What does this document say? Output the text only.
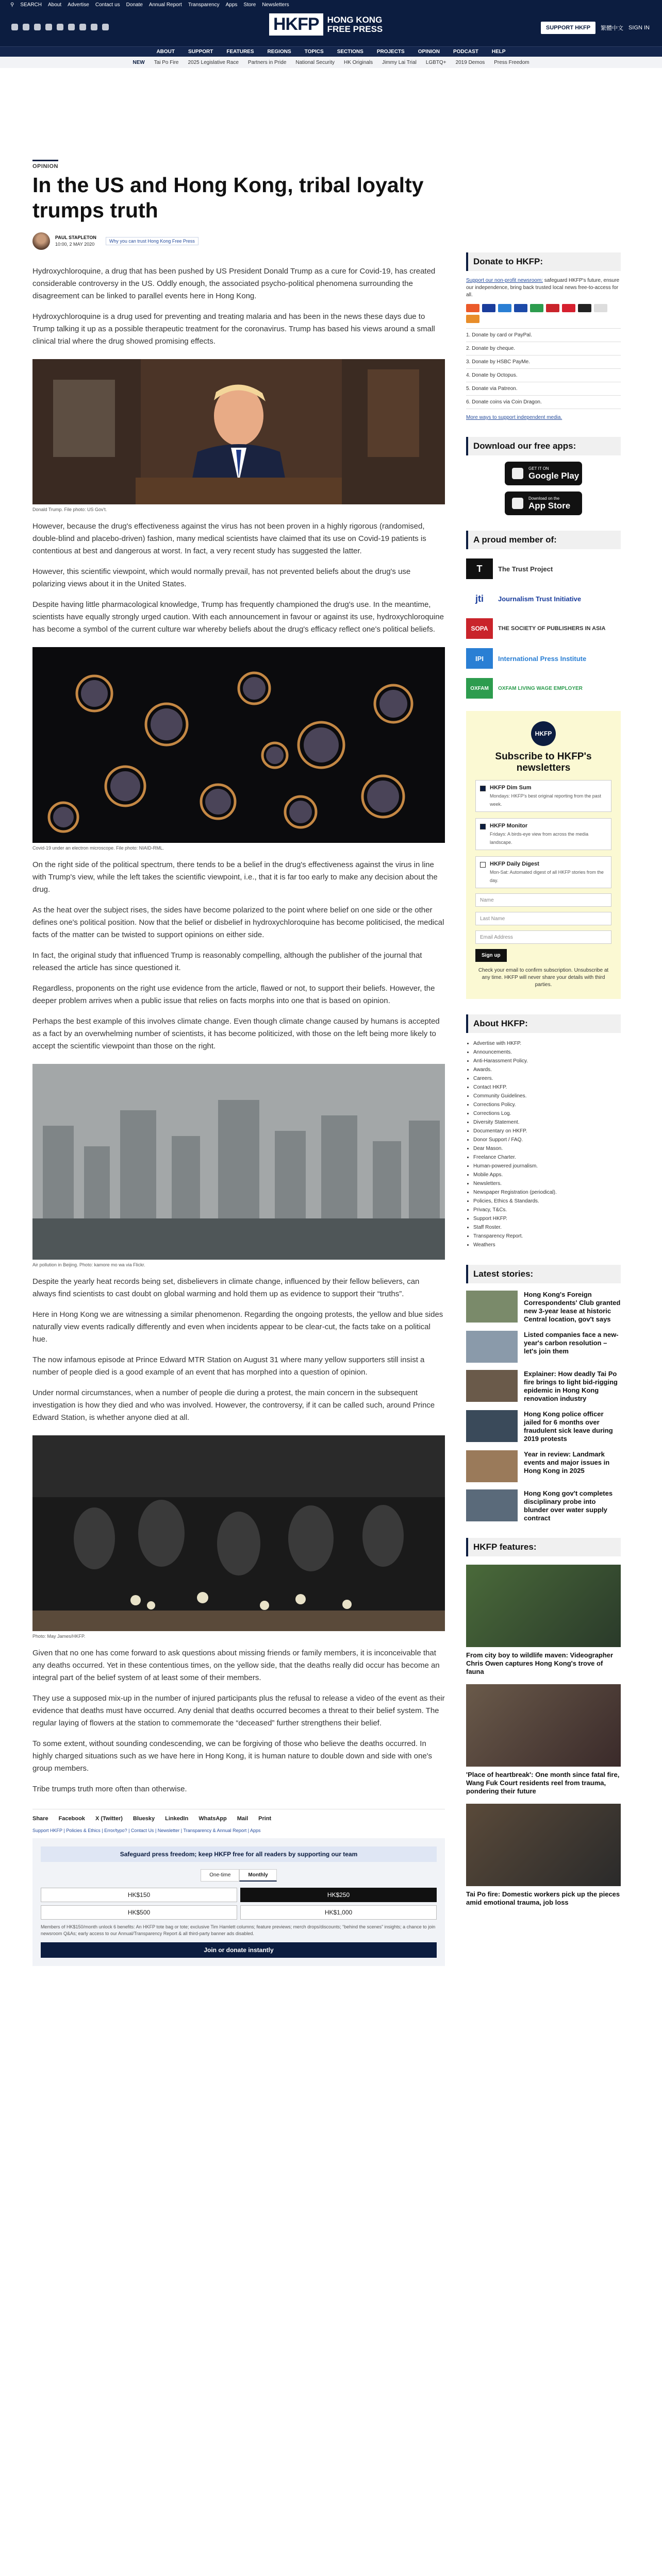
⚲ SEARCH About Advertise Contact us Donate Annual Report Transparency Apps Store Newsletters
HKFP HONG KONG
FREE PRESS	SUPPORT HKFP	繁體中文 SIGN IN
ABOUT	SUPPORT	FEATURES	REGIONS	TOPICS	SECTIONS	PROJECTS	OPINION	PODCAST	HELP
NEW Tai Po Fire 2025 Legislative Race Partners in Pride National Security HK Originals Jimmy Lai Trial LGBTQ+ 2019 Demos Press Freedom
OPINION
In the US and Hong Kong, tribal loyalty trumps truth
PAUL STAPLETON
10:00, 2 MAY 2020
Why you can trust Hong Kong Free Press

Hydroxychloroquine, a drug that has been pushed by US President Donald Trump as a cure for Covid-19, has created considerable controversy in the US. Oddly enough, the associated psycho-political phenomena surrounding the disagreement can be linked to parallel events here in Hong Kong.

Hydroxychloroquine is a drug used for preventing and treating malaria and has been in the news these days due to Trump talking it up as a possible therapeutic treatment for the coronavirus. Trump has based his views around a small clinical trial where the drug showed promising effects.

Donald Trump. File photo: US Gov't.

However, because the drug's effectiveness against the virus has not been proven in a highly rigorous (randomised, double-blind and placebo-driven) fashion, many medical scientists have claimed that its use on Covid-19 patients is contentious at best and dangerous at worst. In fact, a very recent study has suggested the latter.

However, this scientific viewpoint, which would normally prevail, has not prevented beliefs about the drug's use polarizing views about it in the United States.

Despite having little pharmacological knowledge, Trump has frequently championed the drug's use. In the meantime, scientists have equally strongly urged caution. With each announcement in favour or against its use, hydroxychloroquine has become a symbol of the current culture war whereby beliefs about the drug's efficacy reflect one's political beliefs.

Covid-19 under an electron microscope. File photo: NIAID-RML.

On the right side of the political spectrum, there tends to be a belief in the drug's effectiveness against the virus in line with Trump's view, while the left takes the scientific viewpoint, i.e., that it is far too early to make any decision about the drug.

As the heat over the subject rises, the sides have become polarized to the point where belief on one side or the other defines one's political position. Now that the belief or disbelief in hydroxychloroquine has become politicised, the medical facts of the matter can be twisted to support opinions on either side.

In fact, the original study that influenced Trump is reasonably compelling, although the publisher of the journal that released the article has since questioned it.

Regardless, proponents on the right use evidence from the article, flawed or not, to support their beliefs. However, the deeper problem arrives when a public issue that relies on facts morphs into one that is based on opinion.

Perhaps the best example of this involves climate change. Even though climate change caused by humans is accepted as a fact by an overwhelming number of scientists, it has become politicized, with those on the left being more likely to accept the scientific viewpoint than those on the right.

Air pollution in Beijing. Photo: kamore mo wa via Flickr.

Despite the yearly heat records being set, disbelievers in climate change, influenced by their fellow believers, can always find scientists to cast doubt on global warming and hold them up as evidence to support their “truths”.

Here in Hong Kong we are witnessing a similar phenomenon. Regarding the ongoing protests, the yellow and blue sides naturally view events radically differently and even when incidents appear to be clear-cut, the facts take on a political hue.

The now infamous episode at Prince Edward MTR Station on August 31 where many yellow supporters still insist a number of people died is a good example of an event that has morphed into a question of opinion.

Under normal circumstances, when a number of people die during a protest, the main concern in the subsequent investigation is how they died and who was involved. However, the controversy, if it can be called such, around Prince Edward Station, is whether anyone died at all.

Photo: May James/HKFP.

Given that no one has come forward to ask questions about missing friends or family members, it is inconceivable that any deaths occurred. Yet in these contentious times, on the yellow side, that the deaths really did occur has become an integral part of the belief system of at least some of their members.

They use a supposed mix-up in the number of injured participants plus the refusal to release a video of the event as their evidence that deaths must have occurred. Any denial that deaths occurred becomes a threat to their belief system. The regular laying of flowers at the station to commemorate the “deceased” further strengthens their belief.

To some extent, without sounding condescending, we can be forgiving of those who believe the deaths occurred. In highly charged situations such as we have here in Hong Kong, it is human nature to double down and side with one's group members.

Tribe trumps truth more often than otherwise.

Share Facebook X (Twitter) Bluesky LinkedIn WhatsApp Mail Print
Support HKFP | Policies & Ethics | Error/typo? | Contact Us | Newsletter | Transparency & Annual Report | Apps
Safeguard press freedom; keep HKFP free for all readers by supporting our team
One-time	Monthly
HK$150	HK$250
HK$500	HK$1,000
Members of HK$150/month unlock 6 benefits: An HKFP tote bag or tote; exclusive Tim Hamlett columns; feature previews; merch drops/discounts; “behind the scenes” insights; a chance to join newsroom Q&As; early access to our Annual/Transparency Report & all third-party banner ads disabled.
Join or donate instantly
Donate to HKFP:

Support our non-profit newsroom: safeguard HKFP's future, ensure our independence, bring back trusted local news free-to-access for all.

1. Donate by card or PayPal.
2. Donate by cheque.
3. Donate by HSBC PayMe.
4. Donate by Octopus.
5. Donate via Patreon.
6. Donate coins via Coin Dragon.

More ways to support independent media.

Download our free apps:
GET IT ON
Google Play
Download on the
App Store
A proud member of:
T	The Trust Project
jti	Journalism Trust Initiative
SOPA	THE SOCIETY OF PUBLISHERS IN ASIA
IPI	International Press Institute
OXFAM	OXFAM LIVING WAGE EMPLOYER
HKFP
Subscribe to HKFP's newsletters
HKFP Dim Sum
Mondays: HKFP's best original reporting from the past week.
HKFP Monitor
Fridays: A birds-eye view from across the media landscape.
HKFP Daily Digest
Mon-Sat: Automated digest of all HKFP stories from the day.
Name
Last Name
Email Address
Sign up

Check your email to confirm subscription. Unsubscribe at any time. HKFP will never share your details with third parties.

About HKFP:
• Advertise with HKFP.
• Announcements.
• Anti-Harassment Policy.
• Awards.
• Careers.
• Contact HKFP.
• Community Guidelines.
• Corrections Policy.
• Corrections Log.
• Diversity Statement.
• Documentary on HKFP.
• Donor Support / FAQ.
• Dear Mason.
• Freelance Charter.
• Human-powered journalism.
• Mobile Apps.
• Newsletters.
• Newspaper Registration (periodical).
• Policies, Ethics & Standards.
• Privacy, T&Cs.
• Support HKFP.
• Staff Roster.
• Transparency Report.
• Weathers
Latest stories:
Hong Kong's Foreign Correspondents' Club granted new 3-year lease at historic Central location, gov't says
Listed companies face a new-year's carbon resolution – let's join them
Explainer: How deadly Tai Po fire brings to light bid-rigging epidemic in Hong Kong renovation industry
Hong Kong police officer jailed for 6 months over fraudulent sick leave during 2019 protests
Year in review: Landmark events and major issues in Hong Kong in 2025
Hong Kong gov't completes disciplinary probe into blunder over water supply contract
HKFP features:
From city boy to wildlife maven: Videographer Chris Owen captures Hong Kong's trove of fauna
'Place of heartbreak': One month since fatal fire, Wang Fuk Court residents reel from trauma, pondering their future
Tai Po fire: Domestic workers pick up the pieces amid emotional trauma, job loss
